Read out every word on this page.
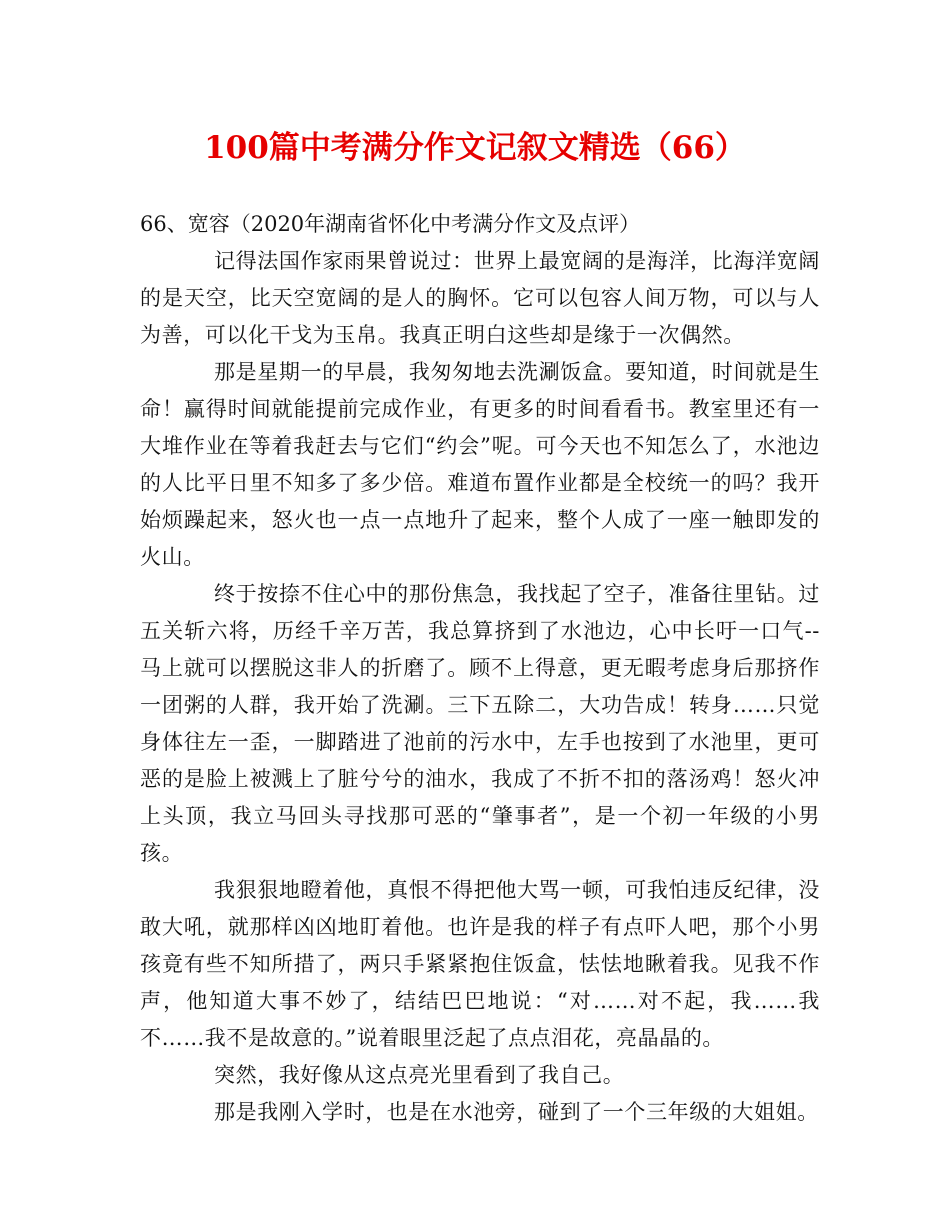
100篇中考满分作文记叙文精选（66）

66、宽容（2020年湖南省怀化中考满分作文及点评）

记得法国作家雨果曾说过：世界上最宽阔的是海洋，比海洋宽阔的是天空，比天空宽阔的是人的胸怀。它可以包容人间万物，可以与人为善，可以化干戈为玉帛。我真正明白这些却是缘于一次偶然。

那是星期一的早晨，我匆匆地去洗涮饭盒。要知道，时间就是生命！赢得时间就能提前完成作业，有更多的时间看看书。教室里还有一大堆作业在等着我赶去与它们“约会”呢。可今天也不知怎么了，水池边的人比平日里不知多了多少倍。难道布置作业都是全校统一的吗？我开始烦躁起来，怒火也一点一点地升了起来，整个人成了一座一触即发的火山。

终于按捺不住心中的那份焦急，我找起了空子，准备往里钻。过五关斩六将，历经千辛万苦，我总算挤到了水池边，心中长吁一口气--马上就可以摆脱这非人的折磨了。顾不上得意，更无暇考虑身后那挤作一团粥的人群，我开始了洗涮。三下五除二，大功告成！转身……只觉身体往左一歪，一脚踏进了池前的污水中，左手也按到了水池里，更可恶的是脸上被溅上了脏兮兮的油水，我成了不折不扣的落汤鸡！怒火冲上头顶，我立马回头寻找那可恶的“肇事者”，是一个初一年级的小男孩。

我狠狠地瞪着他，真恨不得把他大骂一顿，可我怕违反纪律，没敢大吼，就那样凶凶地盯着他。也许是我的样子有点吓人吧，那个小男孩竟有些不知所措了，两只手紧紧抱住饭盒，怯怯地瞅着我。见我不作声，他知道大事不妙了，结结巴巴地说：“对……对不起，我……我不……我不是故意的。”说着眼里泛起了点点泪花，亮晶晶的。

突然，我好像从这点亮光里看到了我自己。

那是我刚入学时，也是在水池旁，碰到了一个三年级的大姐姐。
